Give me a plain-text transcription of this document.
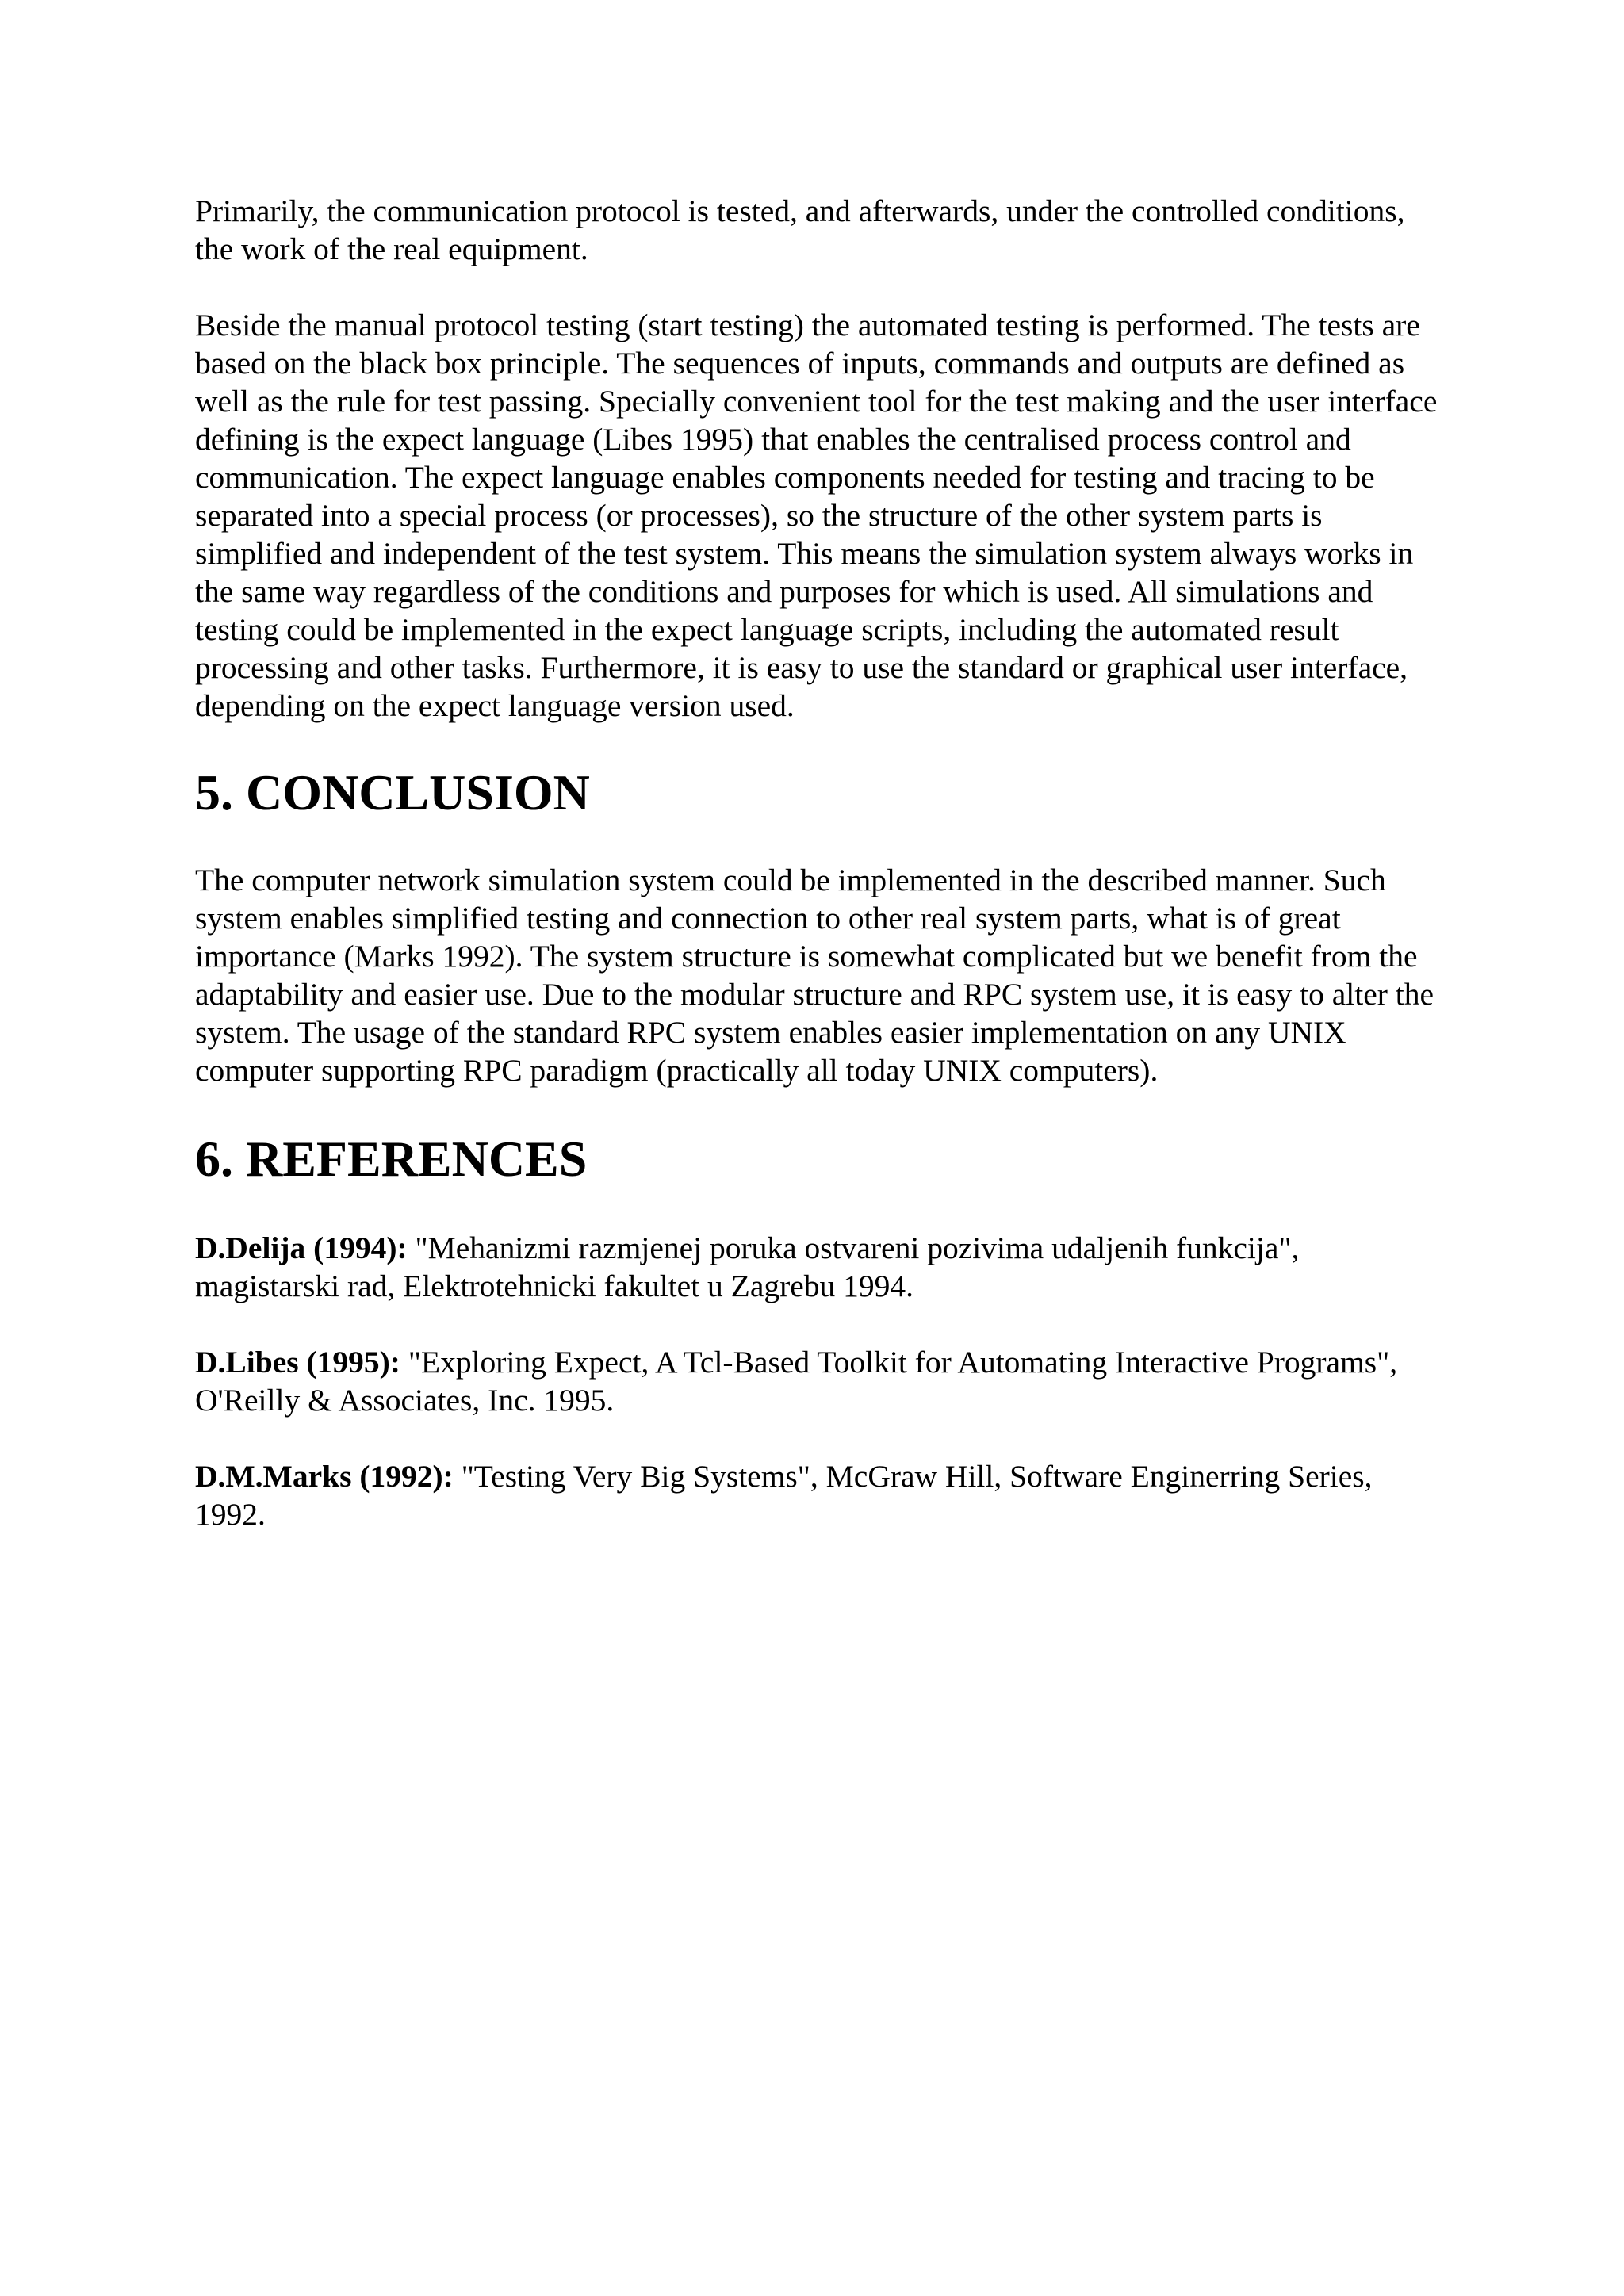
Primarily, the communication protocol is tested, and afterwards, under the controlled conditions, the work of the real equipment.

Beside the manual protocol testing (start testing) the automated testing is performed. The tests are based on the black box principle. The sequences of inputs, commands and outputs are defined as well as the rule for test passing. Specially convenient tool for the test making and the user interface defining is the expect language (Libes 1995) that enables the centralised process control and communication. The expect language enables components needed for testing and tracing to be separated into a special process (or processes), so the structure of the other system parts is simplified and independent of the test system. This means the simulation system always works in the same way regardless of the conditions and purposes for which is used. All simulations and testing could be implemented in the expect language scripts, including the automated result processing and other tasks. Furthermore, it is easy to use the standard or graphical user interface, depending on the expect language version used.

5. CONCLUSION

The computer network simulation system could be implemented in the described manner. Such system enables simplified testing and connection to other real system parts, what is of great importance (Marks 1992). The system structure is somewhat complicated but we benefit from the adaptability and easier use. Due to the modular structure and RPC system use, it is easy to alter the system. The usage of the standard RPC system enables easier implementation on any UNIX computer supporting RPC paradigm (practically all today UNIX computers).

6. REFERENCES

D.Delija (1994): "Mehanizmi razmjenej poruka ostvareni pozivima udaljenih funkcija", magistarski rad, Elektrotehnicki fakultet u Zagrebu 1994.

D.Libes (1995): "Exploring Expect, A Tcl-Based Toolkit for Automating Interactive Programs", O'Reilly & Associates, Inc. 1995.

D.M.Marks (1992): "Testing Very Big Systems", McGraw Hill, Software Enginerring Series, 1992.
